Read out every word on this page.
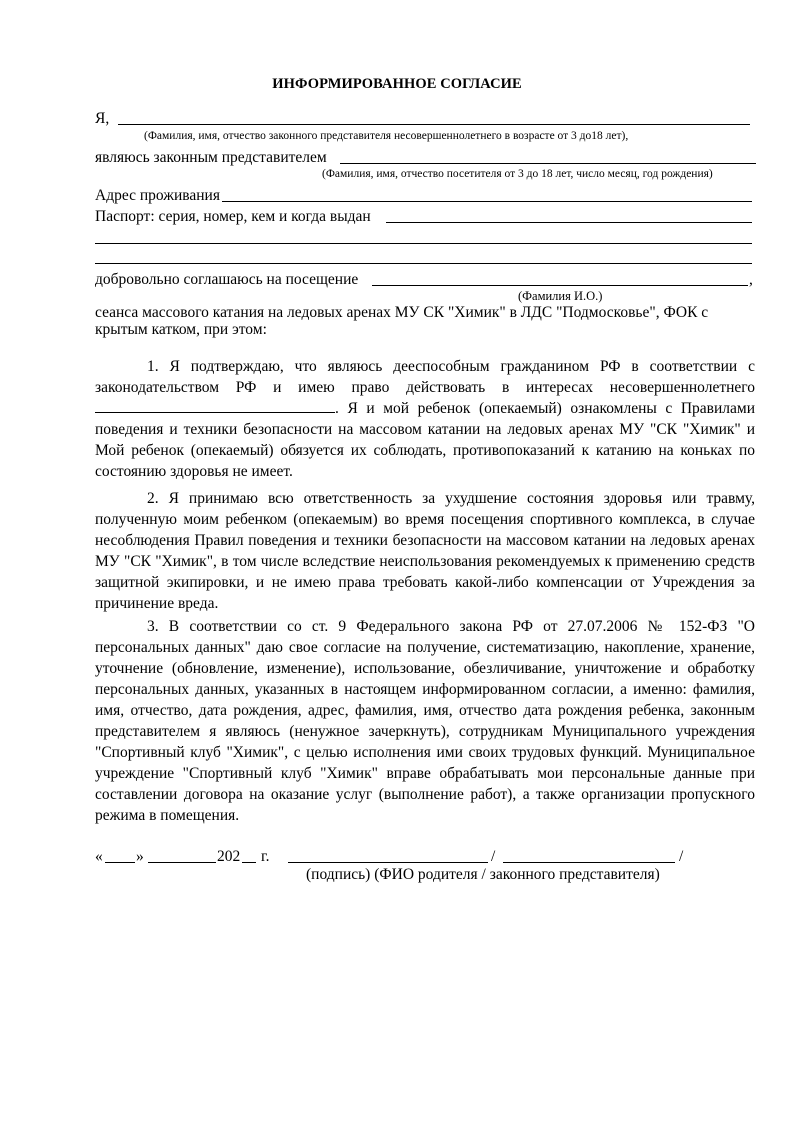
ИНФОРМИРОВАННОЕ СОГЛАСИЕ
Я,
(Фамилия, имя, отчество законного представителя несовершеннолетнего в возрасте от 3 до18 лет),
являюсь законным представителем
(Фамилия, имя, отчество посетителя от 3 до 18 лет, число месяц, год рождения)
Адрес проживания
Паспорт: серия, номер, кем и когда выдан
добровольно соглашаюсь на посещение	,
(Фамилия И.О.)
сеанса массового катания на ледовых аренах МУ СК "Химик" в ЛДС "Подмосковье", ФОК с
крытым катком, при этом:

1. Я подтверждаю, что являюсь дееспособным гражданином РФ в соответствии с законодательством РФ и имею право действовать в интересах несовершеннолетнего . Я и мой ребенок (опекаемый) ознакомлены с Правилами поведения и техники безопасности на массовом катании на ледовых аренах МУ "СК "Химик" и Мой ребенок (опекаемый) обязуется их соблюдать, противопоказаний к катанию на коньках по состоянию здоровья не имеет.

2. Я принимаю всю ответственность за ухудшение состояния здоровья или травму, полученную моим ребенком (опекаемым) во время посещения спортивного комплекса, в случае несоблюдения Правил поведения и техники безопасности на массовом катании на ледовых аренах МУ "СК "Химик", в том числе вследствие неиспользования рекомендуемых к применению средств защитной экипировки, и не имею права требовать какой-либо компенсации от Учреждения за причинение вреда.

3. В соответствии со ст. 9 Федерального закона РФ от 27.07.2006 № 152-ФЗ "О персональных данных" даю свое согласие на получение, систематизацию, накопление, хранение, уточнение (обновление, изменение), использование, обезличивание, уничтожение и обработку персональных данных, указанных в настоящем информированном согласии, а именно: фамилия, имя, отчество, дата рождения, адрес, фамилия, имя, отчество дата рождения ребенка, законным представителем я являюсь (ненужное зачеркнуть), сотрудникам Муниципального учреждения "Спортивный клуб "Химик", с целью исполнения ими своих трудовых функций. Муниципальное учреждение "Спортивный клуб "Химик" вправе обрабатывать мои персональные данные при составлении договора на оказание услуг (выполнение работ), а также организации пропускного режима в помещения.

« »	202 г.	/	/
(подпись) (ФИО родителя / законного представителя)
